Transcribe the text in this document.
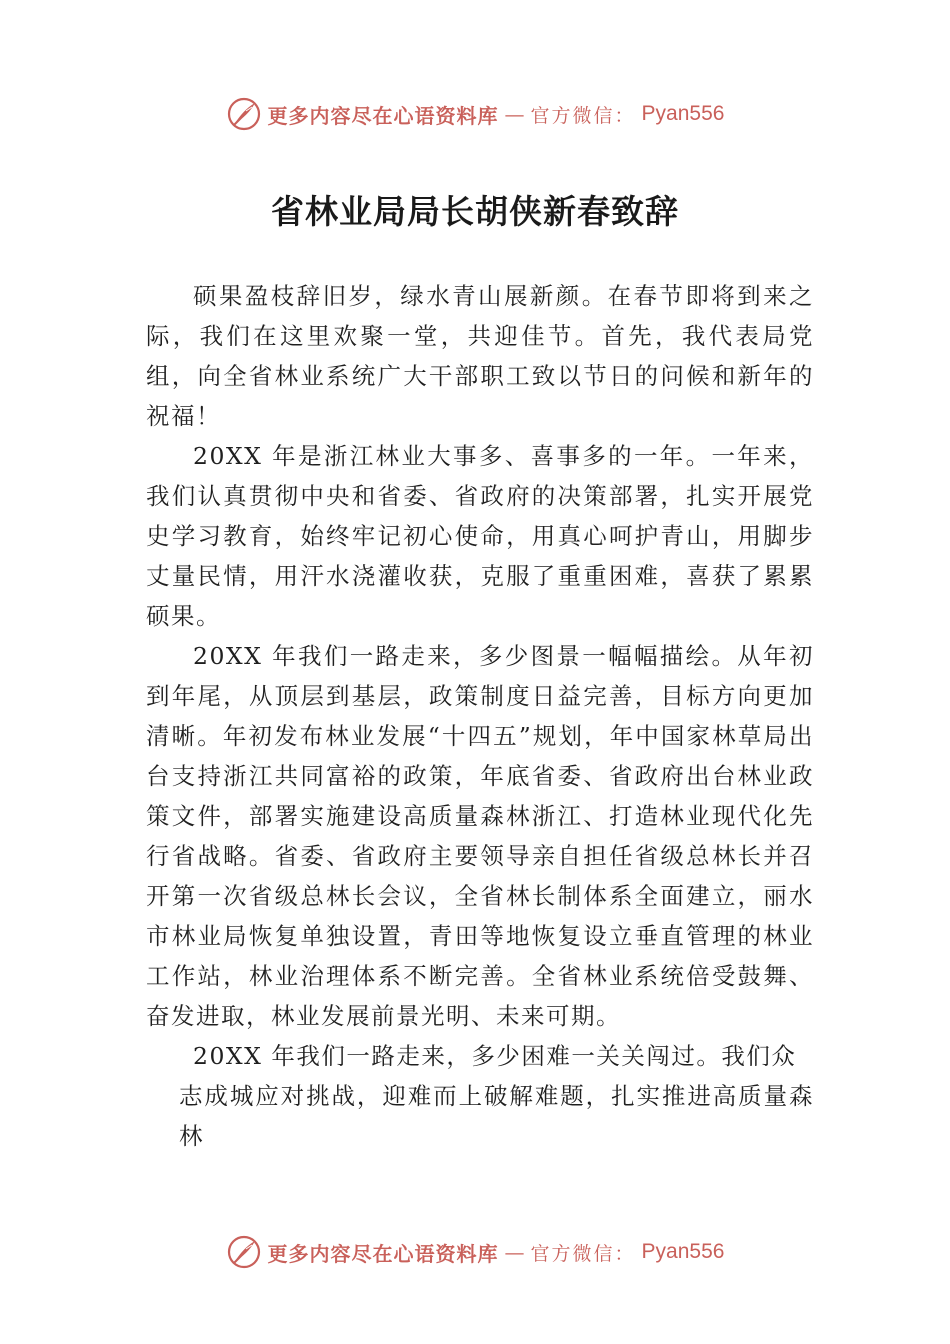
更多内容尽在心语资料库 — 官方微信： Pyan556
省林业局局长胡侠新春致辞

硕果盈枝辞旧岁，绿水青山展新颜。在春节即将到来之际，我们在这里欢聚一堂，共迎佳节。首先，我代表局党组，向全省林业系统广大干部职工致以节日的问候和新年的祝福！

20XX 年是浙江林业大事多、喜事多的一年。一年来，我们认真贯彻中央和省委、省政府的决策部署，扎实开展党史学习教育，始终牢记初心使命，用真心呵护青山，用脚步丈量民情，用汗水浇灌收获，克服了重重困难，喜获了累累硕果。

20XX 年我们一路走来，多少图景一幅幅描绘。从年初到年尾，从顶层到基层，政策制度日益完善，目标方向更加清晰。年初发布林业发展“十四五”规划，年中国家林草局出台支持浙江共同富裕的政策，年底省委、省政府出台林业政策文件，部署实施建设高质量森林浙江、打造林业现代化先行省战略。省委、省政府主要领导亲自担任省级总林长并召开第一次省级总林长会议，全省林长制体系全面建立，丽水市林业局恢复单独设置，青田等地恢复设立垂直管理的林业工作站，林业治理体系不断完善。全省林业系统倍受鼓舞、 奋发进取，林业发展前景光明、未来可期。

20XX 年我们一路走来，多少困难一关关闯过。我们众
志成城应对挑战，迎难而上破解难题，扎实推进高质量森林

更多内容尽在心语资料库 — 官方微信： Pyan556
